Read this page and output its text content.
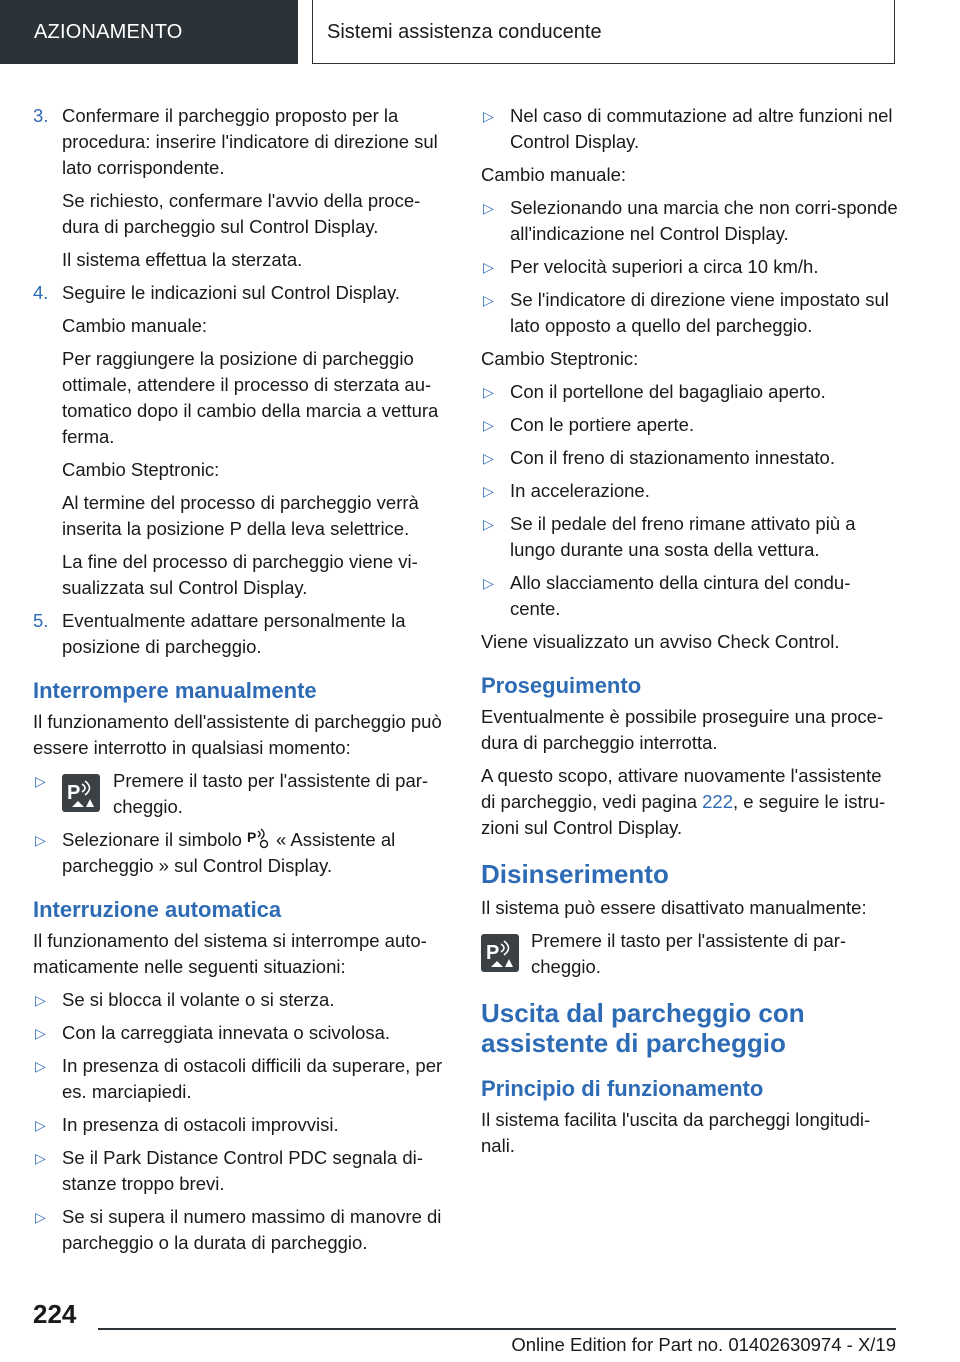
AZIONAMENTO	Sistemi assistenza conducente
3. Confermare il parcheggio proposto per la procedura: inserire l'indicatore di direzione sul lato corrispondente.

Se richiesto, confermare l'avvio della proce-dura di parcheggio sul Control Display.

Il sistema effettua la sterzata.

4. Seguire le indicazioni sul Control Display.

Cambio manuale:

Per raggiungere la posizione di parcheggio ottimale, attendere il processo di sterzata au-tomatico dopo il cambio della marcia a vettura ferma.

Cambio Steptronic:

Al termine del processo di parcheggio verrà inserita la posizione P della leva selettrice.

La fine del processo di parcheggio viene vi-sualizzata sul Control Display.

5. Eventualmente adattare personalmente la posizione di parcheggio.

Interrompere manualmente

Il funzionamento dell'assistente di parcheggio può essere interrotto in qualsiasi momento:

▷
P

Premere il tasto per l'assistente di par-cheggio.

▷ Selezionare il simbolo P « Assistente al parcheggio » sul Control Display.

Interruzione automatica

Il funzionamento del sistema si interrompe auto-maticamente nelle seguenti situazioni:

▷ Se si blocca il volante o si sterza.

▷ Con la carreggiata innevata o scivolosa.

▷ In presenza di ostacoli difficili da superare, per es. marciapiedi.

▷ In presenza di ostacoli improvvisi.

▷ Se il Park Distance Control PDC segnala di-stanze troppo brevi.

▷ Se si supera il numero massimo di manovre di parcheggio o la durata di parcheggio.

▷ Nel caso di commutazione ad altre funzioni nel Control Display.

Cambio manuale:

▷ Selezionando una marcia che non corri-sponde all'indicazione nel Control Display.

▷ Per velocità superiori a circa 10 km/h.

▷ Se l'indicatore di direzione viene impostato sul lato opposto a quello del parcheggio.

Cambio Steptronic:

▷ Con il portellone del bagagliaio aperto.

▷ Con le portiere aperte.

▷ Con il freno di stazionamento innestato.

▷ In accelerazione.

▷ Se il pedale del freno rimane attivato più a lungo durante una sosta della vettura.

▷ Allo slacciamento della cintura del condu-cente.

Viene visualizzato un avviso Check Control.

Proseguimento

Eventualmente è possibile proseguire una proce-dura di parcheggio interrotta.

A questo scopo, attivare nuovamente l'assistente di parcheggio, vedi pagina 222, e seguire le istru-zioni sul Control Display.

Disinserimento

Il sistema può essere disattivato manualmente:

P

Premere il tasto per l'assistente di par-cheggio.

Uscita dal parcheggio con assistente di parcheggio
Principio di funzionamento

Il sistema facilita l'uscita da parcheggi longitudi-nali.

224
Online Edition for Part no. 01402630974 - X/19
